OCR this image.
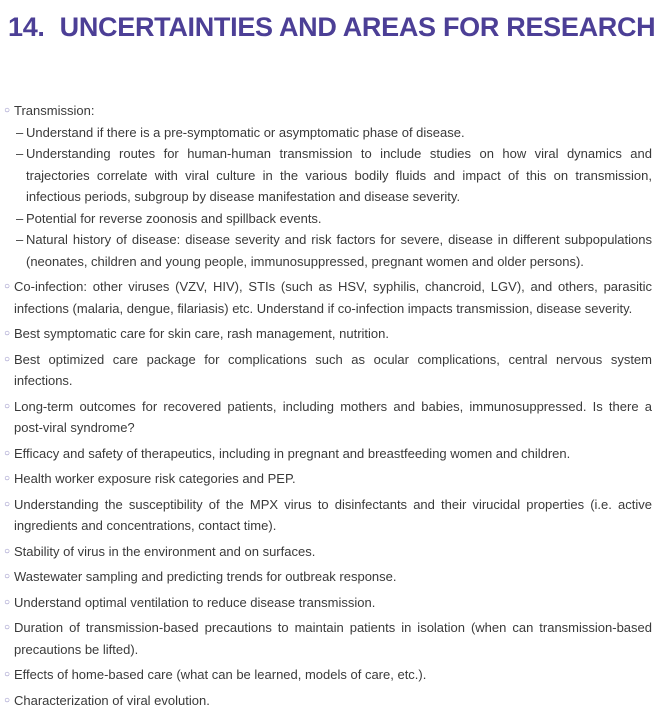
14. UNCERTAINTIES AND AREAS FOR RESEARCH
○ Transmission:

– Understand if there is a pre-symptomatic or asymptomatic phase of disease.

– Understanding routes for human-human transmission to include studies on how viral dynamics and trajectories correlate with viral culture in the various bodily fluids and impact of this on transmission, infectious periods, subgroup by disease manifestation and disease severity.

– Potential for reverse zoonosis and spillback events.

– Natural history of disease: disease severity and risk factors for severe, disease in different subpopulations (neonates, children and young people, immunosuppressed, pregnant women and older persons).

○ Co-infection: other viruses (VZV, HIV), STIs (such as HSV, syphilis, chancroid, LGV), and others, parasitic infections (malaria, dengue, filariasis) etc. Understand if co-infection impacts transmission, disease severity.

○ Best symptomatic care for skin care, rash management, nutrition.

○ Best optimized care package for complications such as ocular complications, central nervous system infections.

○ Long-term outcomes for recovered patients, including mothers and babies, immunosuppressed. Is there a post-viral syndrome?

○ Efficacy and safety of therapeutics, including in pregnant and breastfeeding women and children.

○ Health worker exposure risk categories and PEP.

○ Understanding the susceptibility of the MPX virus to disinfectants and their virucidal properties (i.e. active ingredients and concentrations, contact time).

○ Stability of virus in the environment and on surfaces.

○ Wastewater sampling and predicting trends for outbreak response.

○ Understand optimal ventilation to reduce disease transmission.

○ Duration of transmission-based precautions to maintain patients in isolation (when can transmission-based precautions be lifted).

○ Effects of home-based care (what can be learned, models of care, etc.).

○ Characterization of viral evolution.
